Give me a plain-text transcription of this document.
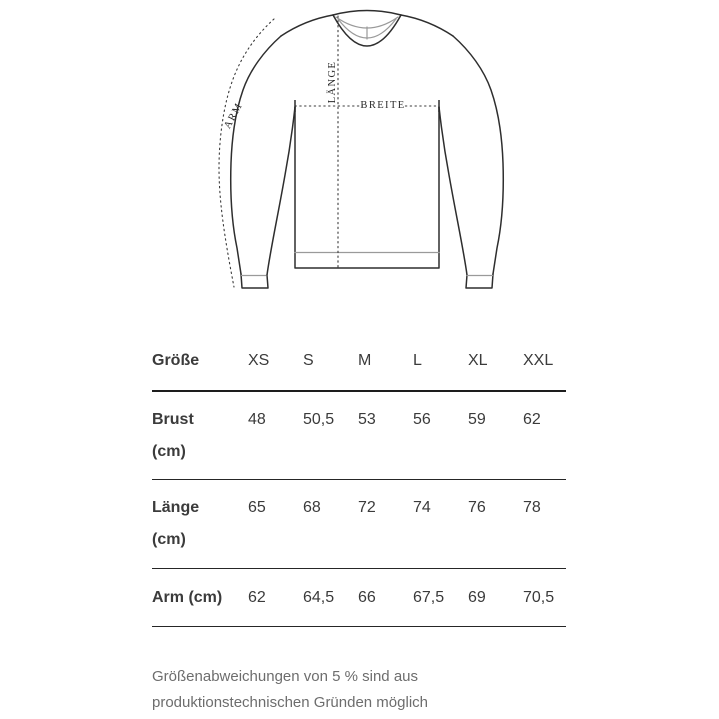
BREITE
LÄNGE
ARM
Größe	XS	S	M	L	XL	XXL

Brust (cm)	48	50,5	53	56	59	62

Länge (cm)	65	68	72	74	76	78

Arm (cm)	62	64,5	66	67,5	69	70,5
Größenabweichungen von 5 % sind aus produktionstechnischen Gründen möglich
